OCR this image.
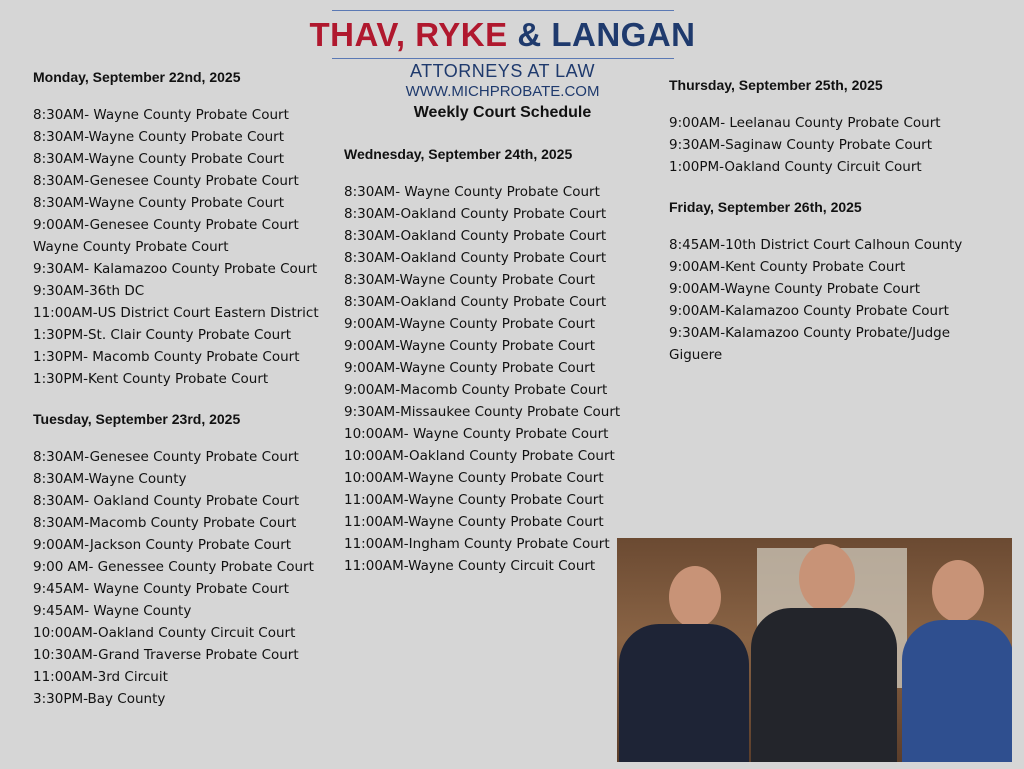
THAV, RYKE & LANGAN
ATTORNEYS AT LAW
WWW.MICHPROBATE.COM
Weekly Court Schedule
Monday, September 22nd, 2025
8:30AM- Wayne County Probate Court
8:30AM-Wayne County Probate Court
8:30AM-Wayne County Probate Court
8:30AM-Genesee County Probate Court
8:30AM-Wayne County Probate Court
9:00AM-Genesee County Probate Court
Wayne County Probate Court
9:30AM- Kalamazoo County Probate Court
9:30AM-36th DC
11:00AM-US District Court Eastern District
1:30PM-St. Clair County Probate Court
1:30PM- Macomb County Probate Court
1:30PM-Kent County Probate Court
Tuesday, September 23rd, 2025
8:30AM-Genesee County Probate Court
8:30AM-Wayne County
8:30AM- Oakland County Probate Court
8:30AM-Macomb County Probate Court
9:00AM-Jackson County Probate Court
9:00 AM- Genessee County Probate Court
9:45AM- Wayne County Probate Court
9:45AM- Wayne County
10:00AM-Oakland County Circuit Court
10:30AM-Grand Traverse Probate Court
11:00AM-3rd Circuit
3:30PM-Bay County
Wednesday, September 24th, 2025
8:30AM- Wayne County Probate Court
8:30AM-Oakland County Probate Court
8:30AM-Oakland County Probate Court
8:30AM-Oakland County Probate Court
8:30AM-Wayne County Probate Court
8:30AM-Oakland County Probate Court
9:00AM-Wayne County Probate Court
9:00AM-Wayne County Probate Court
9:00AM-Wayne County Probate Court
9:00AM-Macomb County Probate Court
9:30AM-Missaukee County Probate Court
10:00AM- Wayne County Probate Court
10:00AM-Oakland County Probate Court
10:00AM-Wayne County Probate Court
11:00AM-Wayne County Probate Court
11:00AM-Wayne County Probate Court
11:00AM-Ingham County Probate Court
11:00AM-Wayne County Circuit Court
Thursday, September 25th, 2025
9:00AM- Leelanau County Probate Court
9:30AM-Saginaw County Probate Court
1:00PM-Oakland County Circuit Court
Friday, September 26th, 2025
8:45AM-10th District Court Calhoun County
9:00AM-Kent County Probate Court
9:00AM-Wayne County Probate Court
9:00AM-Kalamazoo County Probate Court
9:30AM-Kalamazoo County Probate/Judge Giguere
